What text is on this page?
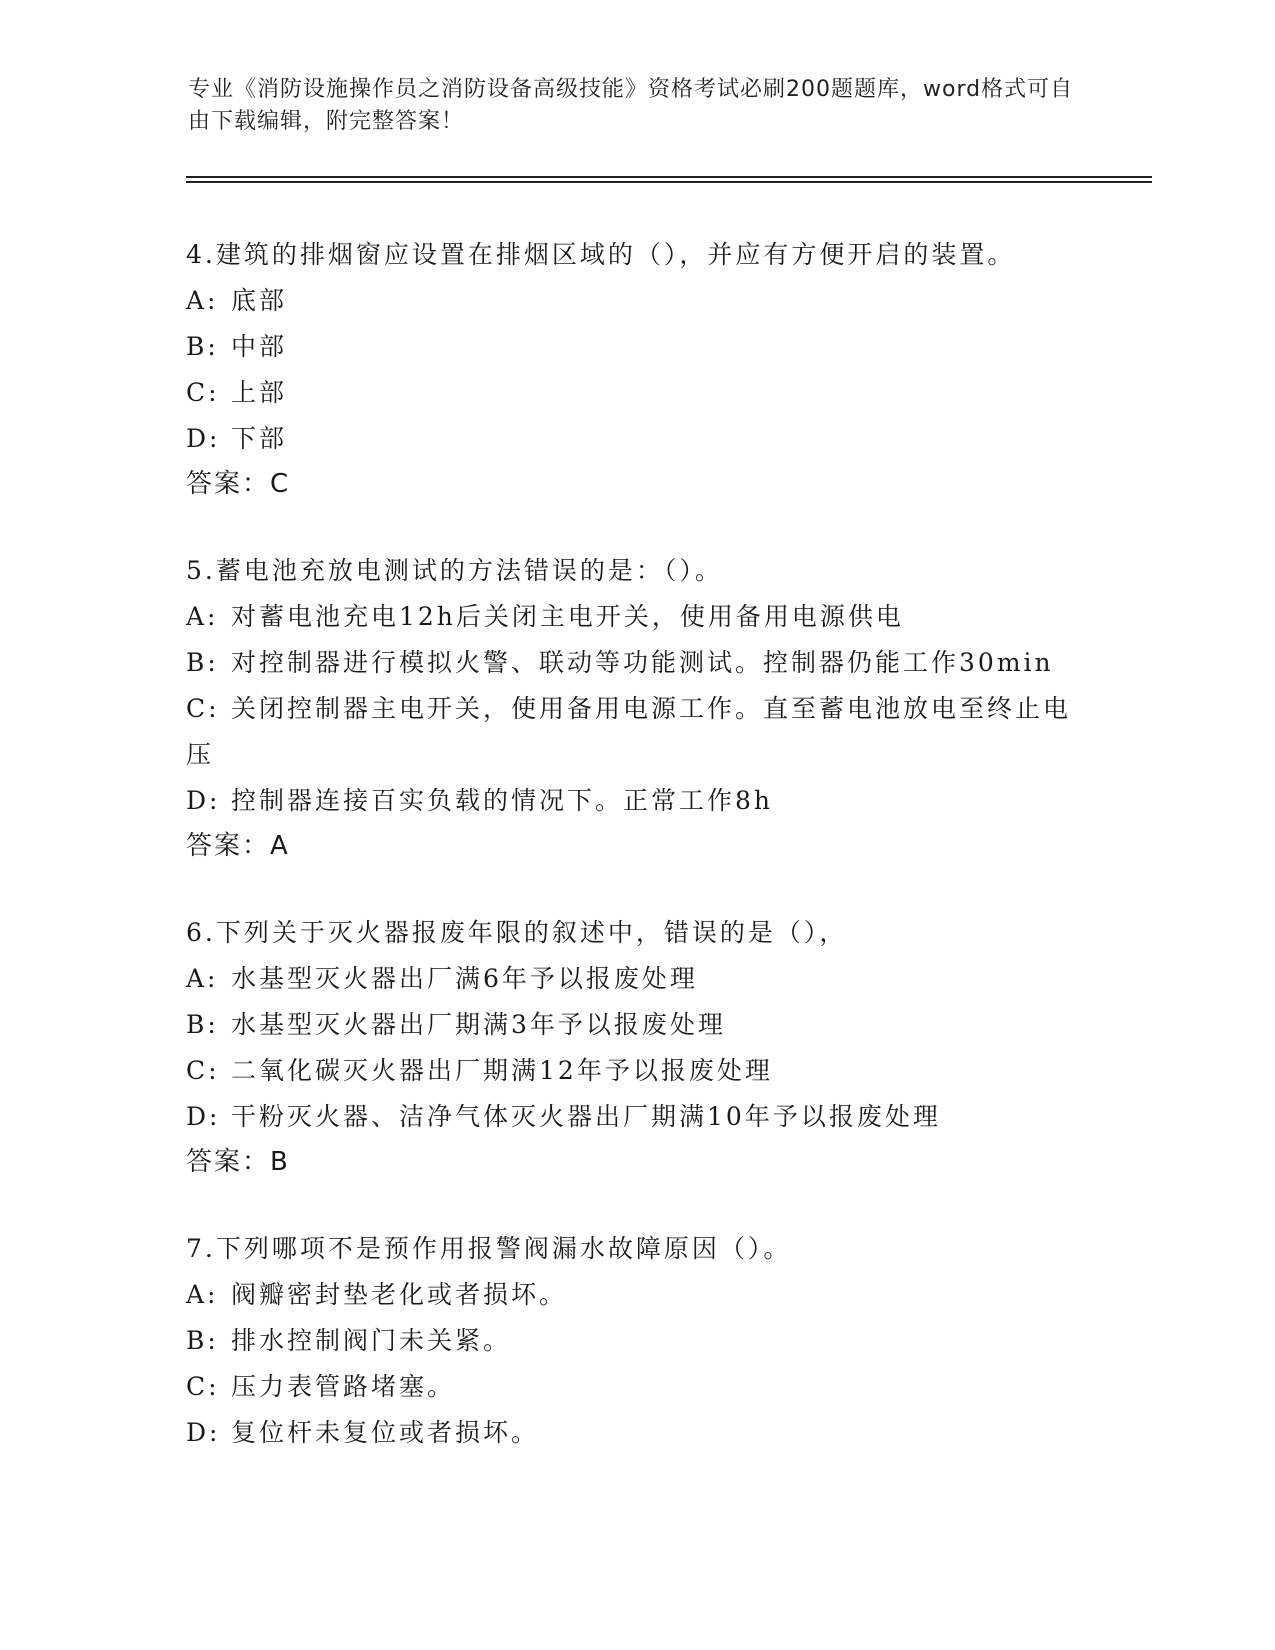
专业《消防设施操作员之消防设备高级技能》资格考试必刷200题题库，word格式可自由下载编辑，附完整答案！
4.建筑的排烟窗应设置在排烟区域的（），并应有方便开启的装置。
A: 底部
B: 中部
C: 上部
D: 下部
答案：C
5.蓄电池充放电测试的方法错误的是：（）。
A: 对蓄电池充电12h后关闭主电开关，使用备用电源供电
B: 对控制器进行模拟火警、联动等功能测试。控制器仍能工作30min
C: 关闭控制器主电开关，使用备用电源工作。直至蓄电池放电至终止电压
D: 控制器连接百实负载的情况下。正常工作8h
答案：A
6.下列关于灭火器报废年限的叙述中，错误的是（），
A: 水基型灭火器出厂满6年予以报废处理
B: 水基型灭火器出厂期满3年予以报废处理
C: 二氧化碳灭火器出厂期满12年予以报废处理
D: 干粉灭火器、洁净气体灭火器出厂期满10年予以报废处理
答案：B
7.下列哪项不是预作用报警阀漏水故障原因（）。
A: 阀瓣密封垫老化或者损坏。
B: 排水控制阀门未关紧。
C: 压力表管路堵塞。
D: 复位杆未复位或者损坏。
